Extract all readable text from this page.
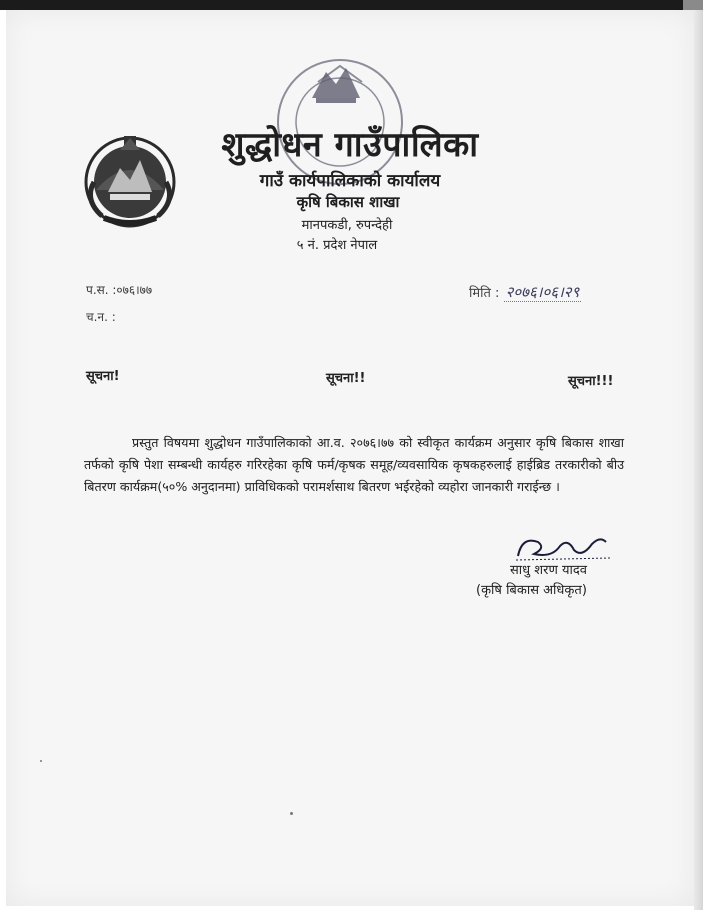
शुद्धोधन गाउँपालिका
गाउँ कार्यपालिकाको कार्यालय
कृषि बिकास शाखा
मानपकडी, रुपन्देही
५ नं. प्रदेश नेपाल
प.स. :०७६।७७
च.न. :
मिति : २०७६।०६।२९
सूचना!	सूचना!!	सूचना!!!
प्रस्तुत विषयमा शुद्धोधन गाउँपालिकाको आ.व. २०७६।७७ को स्वीकृत कार्यक्रम अनुसार कृषि बिकास शाखा तर्फको कृषि पेशा सम्बन्धी कार्यहरु गरिरहेका कृषि फर्म/कृषक समूह/व्यवसायिक कृषकहरुलाई हाईब्रिड तरकारीको बीउ बितरण कार्यक्रम(५०% अनुदानमा) प्राविधिकको परामर्शसाथ बितरण भईरहेको व्यहोरा जानकारी गराईन्छ ।
साधु शरण यादव
(कृषि बिकास अधिकृत)
